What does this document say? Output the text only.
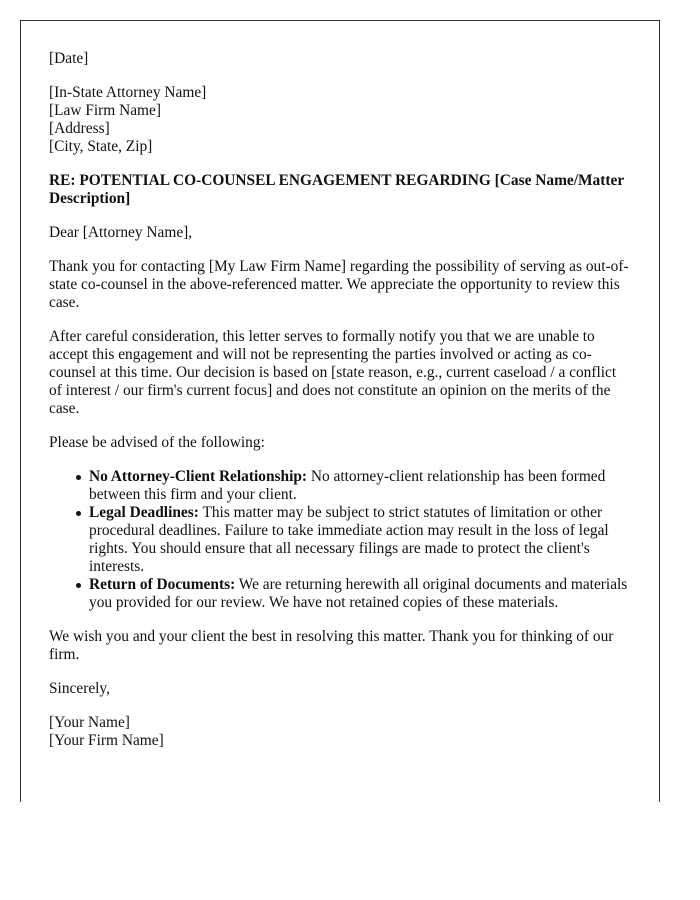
[Date]

[In-State Attorney Name]
[Law Firm Name]
[Address]
[City, State, Zip]

RE: POTENTIAL CO-COUNSEL ENGAGEMENT REGARDING [Case Name/Matter Description]

Dear [Attorney Name],

Thank you for contacting [My Law Firm Name] regarding the possibility of serving as out-of-state co-counsel in the above-referenced matter. We appreciate the opportunity to review this case.

After careful consideration, this letter serves to formally notify you that we are unable to accept this engagement and will not be representing the parties involved or acting as co-counsel at this time. Our decision is based on [state reason, e.g., current caseload / a conflict of interest / our firm's current focus] and does not constitute an opinion on the merits of the case.

Please be advised of the following:

No Attorney-Client Relationship: No attorney-client relationship has been formed between this firm and your client.
Legal Deadlines: This matter may be subject to strict statutes of limitation or other procedural deadlines. Failure to take immediate action may result in the loss of legal rights. You should ensure that all necessary filings are made to protect the client's interests.
Return of Documents: We are returning herewith all original documents and materials you provided for our review. We have not retained copies of these materials.

We wish you and your client the best in resolving this matter. Thank you for thinking of our firm.

Sincerely,

[Your Name]
[Your Firm Name]
